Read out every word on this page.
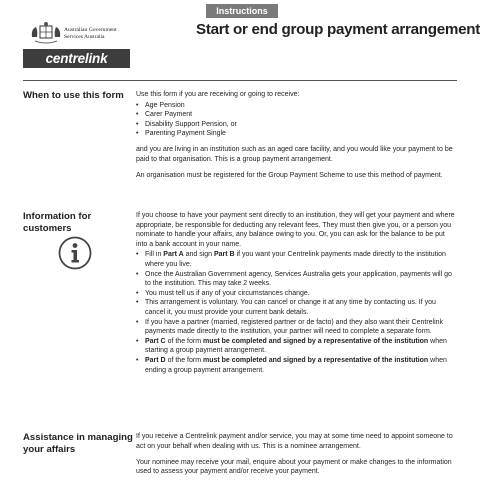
Australian Government
Services Australia
centrelink
Instructions
Start or end group payment arrangement
When to use this form	Use this form if you are receiving or going to receive:

• Age Pension
• Carer Payment
• Disability Support Pension, or
• Parenting Payment Single

and you are living in an institution such as an aged care facility, and you would like your payment to be paid to that organisation. This is a group payment arrangement.

An organisation must be registered for the Group Payment Scheme to use this method of payment.

Information for customers

If you choose to have your payment sent directly to an institution, they will get your payment and where appropriate, be responsible for deducting any relevant fees. They must then give you, or a person you nominate to handle your affairs, any balance owing to you. Or, you can ask for the balance to be put into a bank account in your name.

• Fill in Part A and sign Part B if you want your Centrelink payments made directly to the institution where you live.
• Once the Australian Government agency, Services Australia gets your application, payments will go to the institution. This may take 2 weeks.
• You must tell us if any of your circumstances change.
• This arrangement is voluntary. You can cancel or change it at any time by contacting us. If you cancel it, you must provide your current bank details.
• If you have a partner (married, registered partner or de facto) and they also want their Centrelink payments made directly to the institution, your partner will need to complete a separate form.
• Part C of the form must be completed and signed by a representative of the institution when starting a group payment arrangement.
• Part D of the form must be completed and signed by a representative of the institution when ending a group payment arrangement.
Assistance in managing your affairs

If you receive a Centrelink payment and/or service, you may at some time need to appoint someone to act on your behalf when dealing with us. This is a nominee arrangement.

Your nominee may receive your mail, enquire about your payment or make changes to the information used to assess your payment and/or receive your payment.
